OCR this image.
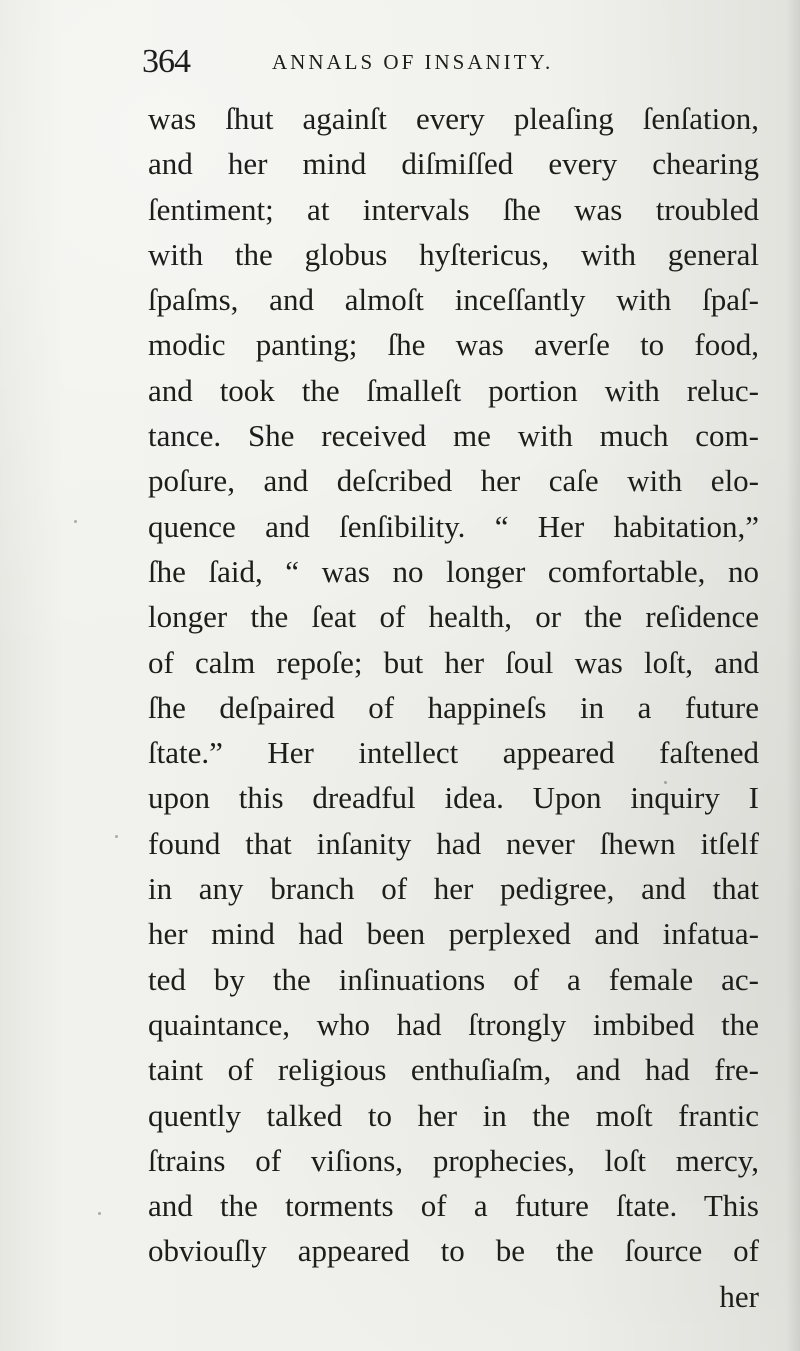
364	ANNALS OF INSANITY.
was ſhut againſt every pleaſing ſenſation,
and her mind diſmiſſed every chearing
ſentiment; at intervals ſhe was troubled
with the globus hyſtericus, with general
ſpaſms, and almoſt inceſſantly with ſpaſ-
modic panting; ſhe was averſe to food,
and took the ſmalleſt portion with reluc-
tance. She received me with much com-
poſure, and deſcribed her caſe with elo-
quence and ſenſibility. “ Her habitation,”
ſhe ſaid, “ was no longer comfortable, no
longer the ſeat of health, or the reſidence
of calm repoſe; but her ſoul was loſt, and
ſhe deſpaired of happineſs in a future
ſtate.” Her intellect appeared faſtened
upon this dreadful idea. Upon inquiry I
found that inſanity had never ſhewn itſelf
in any branch of her pedigree, and that
her mind had been perplexed and infatua-
ted by the inſinuations of a female ac-
quaintance, who had ſtrongly imbibed the
taint of religious enthuſiaſm, and had fre-
quently talked to her in the moſt frantic
ſtrains of viſions, prophecies, loſt mercy,
and the torments of a future ſtate. This
obviouſly appeared to be the ſource of
her
